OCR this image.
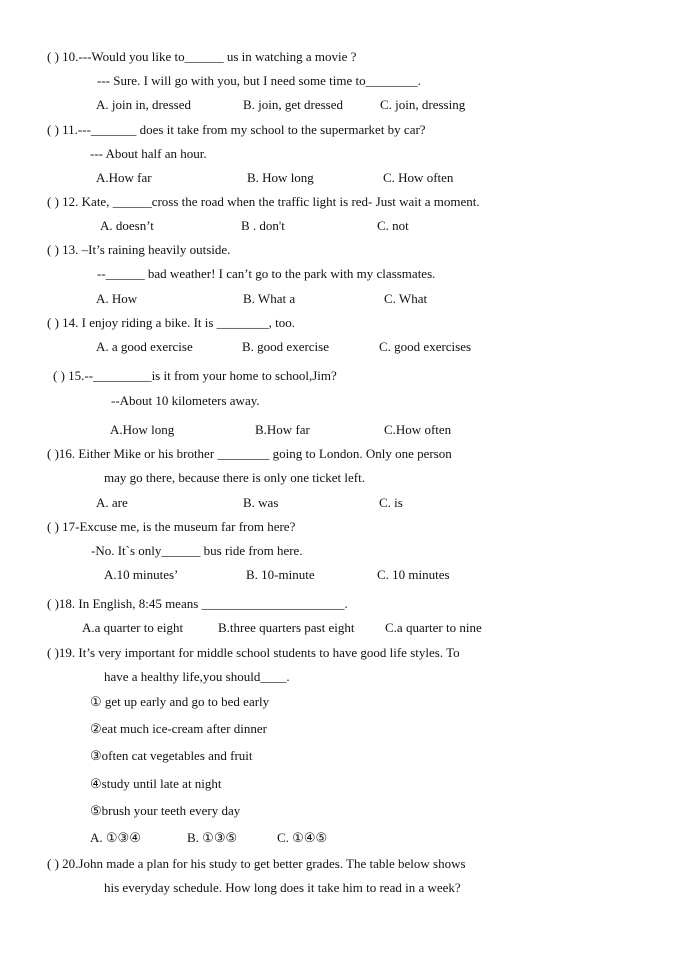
( ) 10.---Would you like to______ us in watching a movie ?
--- Sure. I will go with you, but I need some time to________.
A. join in, dressed	B. join, get dressed	C. join, dressing
( ) 11.---_______ does it take from my school to the supermarket by car?
--- About half an hour.
A.How far	B. How long	C. How often
( ) 12. Kate, ______cross the road when the traffic light is red- Just wait a moment.
A. doesn’t	B . don't	C. not
( ) 13. –It’s raining heavily outside.
--______ bad weather! I can’t go to the park with my classmates.
A. How	B. What a	C. What
( ) 14. I enjoy riding a bike. It is ________, too.
A. a good exercise	B. good exercise	C. good exercises
( ) 15.--_________is it from your home to school,Jim?
--About 10 kilometers away.
A.How long	B.How far	C.How often
( )16. Either Mike or his brother ________ going to London. Only one person
may go there, because there is only one ticket left.
A. are	B. was	C. is
( ) 17-Excuse me, is the museum far from here?
-No. It`s only______ bus ride from here.
A.10 minutes’	B. 10-minute	C. 10 minutes
( )18. In English, 8:45 means ______________________.
A.a quarter to eight	B.three quarters past eight C.a quarter to nine
( )19. It’s very important for middle school students to have good life styles. To
have a healthy life,you should____.
① get up early and go to bed early
②eat much ice-cream after dinner
③often cat vegetables and fruit
④study until late at night
⑤brush your teeth every day
A. ①③④	B. ①③⑤	C. ①④⑤
( ) 20.John made a plan for his study to get better grades. The table below shows
his everyday schedule. How long does it take him to read in a week?
